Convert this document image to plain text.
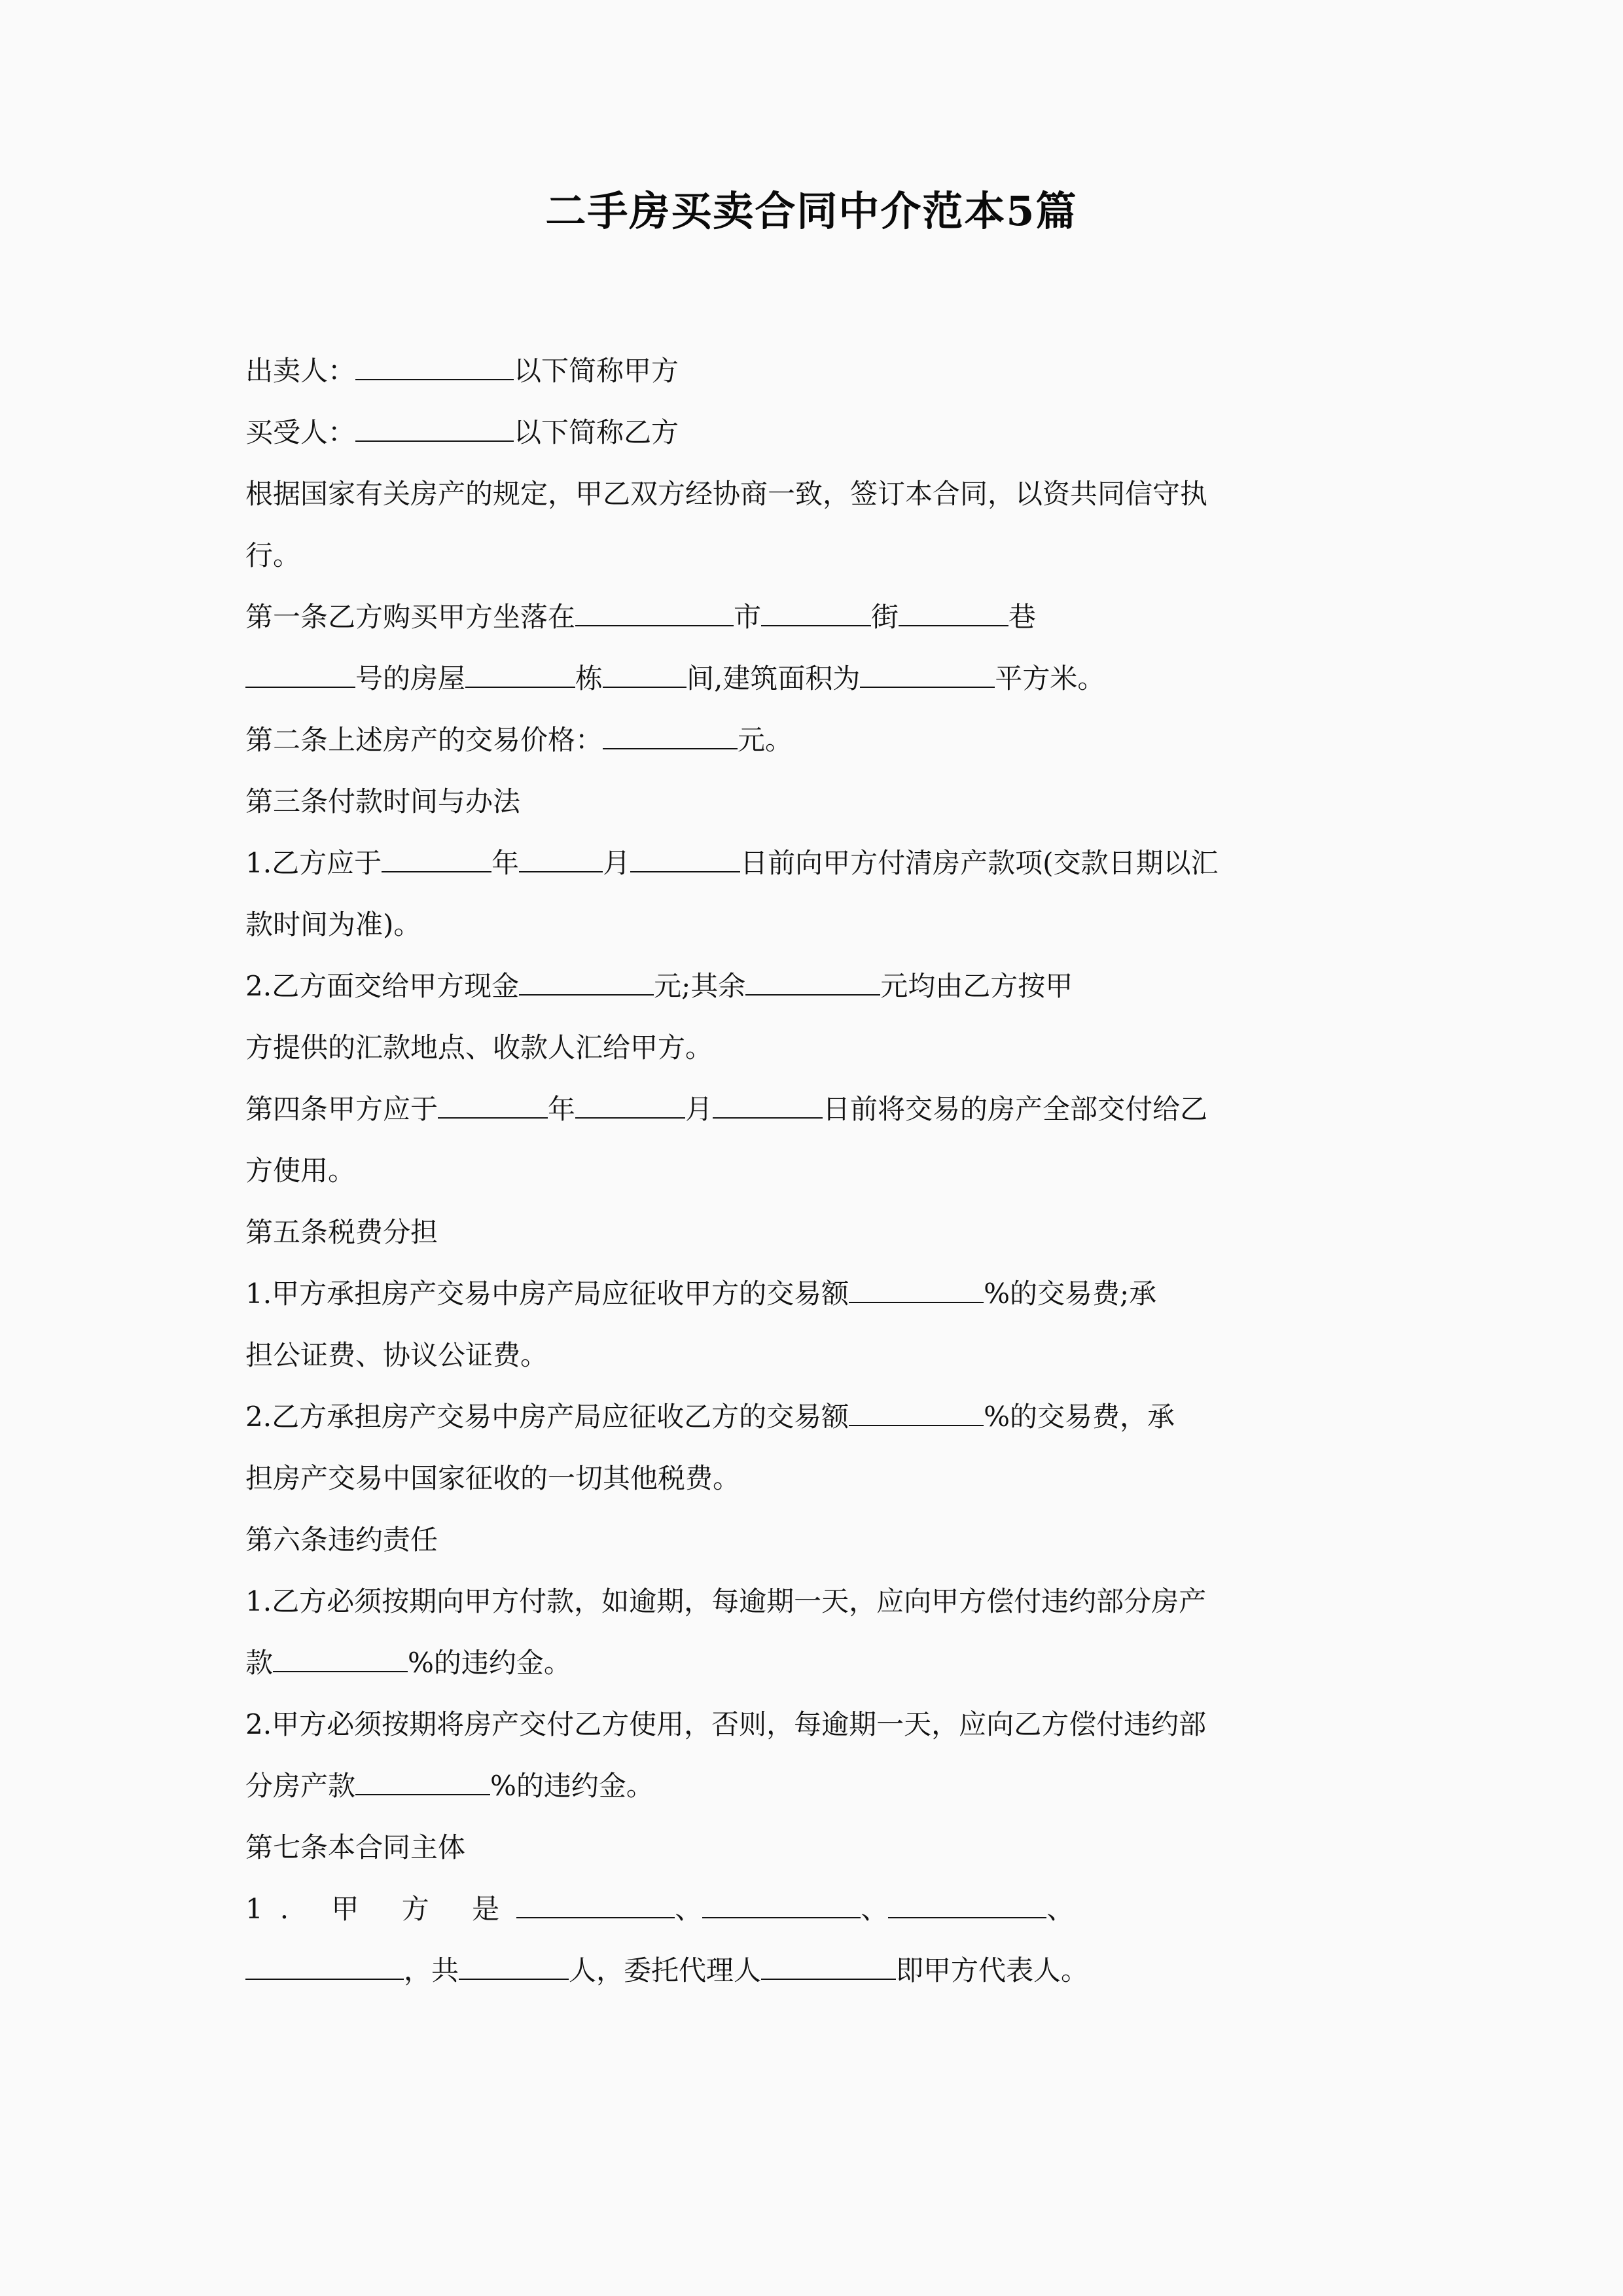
二手房买卖合同中介范本5篇
出卖人：	以下简称甲方
买受人：	以下简称乙方
根据国家有关房产的规定，甲乙双方经协商一致，签订本合同，以资共同信守执
行。
第一条乙方购买甲方坐落在	市	街	巷
号的房屋	栋	间,建筑面积为	平方米。
第二条上述房产的交易价格：	元。
第三条付款时间与办法
1.乙方应于	年	月	日前向甲方付清房产款项(交款日期以汇
款时间为准)。
2.乙方面交给甲方现金	元;其余	元均由乙方按甲
方提供的汇款地点、收款人汇给甲方。
第四条甲方应于	年	月	日前将交易的房产全部交付给乙
方使用。
第五条税费分担
1.甲方承担房产交易中房产局应征收甲方的交易额	%的交易费;承
担公证费、协议公证费。
2.乙方承担房产交易中房产局应征收乙方的交易额	%的交易费，承
担房产交易中国家征收的一切其他税费。
第六条违约责任
1.乙方必须按期向甲方付款，如逾期，每逾期一天，应向甲方偿付违约部分房产
款	%的违约金。
2.甲方必须按期将房产交付乙方使用，否则，每逾期一天，应向乙方偿付违约部
分房产款	%的违约金。
第七条本合同主体
1. 甲 方 是	、	、	、
，共	人，委托代理人	即甲方代表人。
